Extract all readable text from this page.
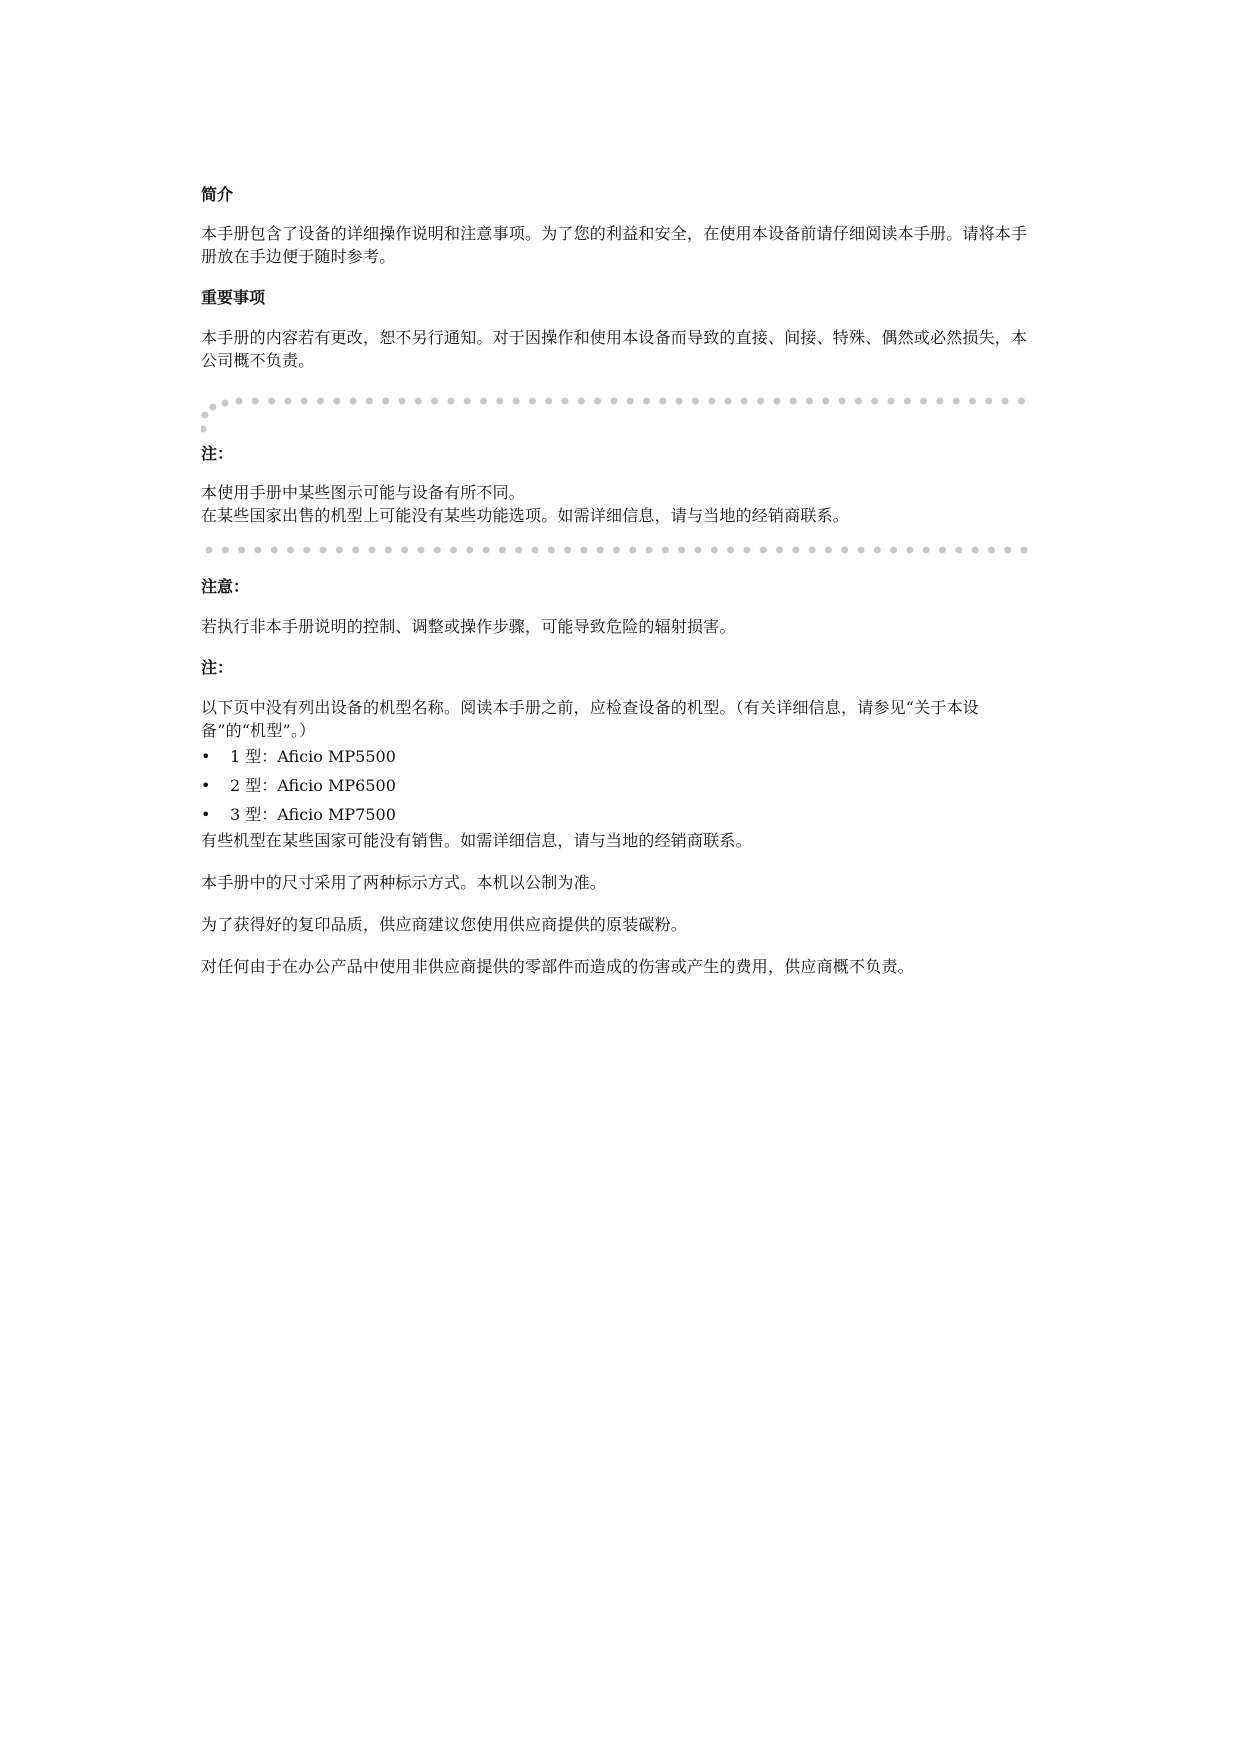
简介

本手册包含了设备的详细操作说明和注意事项。为了您的利益和安全，在使用本设备前请仔细阅读本手册。请将本手册放在手边便于随时参考。

重要事项

本手册的内容若有更改，恕不另行通知。对于因操作和使用本设备而导致的直接、间接、特殊、偶然或必然损失，本公司概不负责。

注：

本使用手册中某些图示可能与设备有所不同。

在某些国家出售的机型上可能没有某些功能选项。如需详细信息，请与当地的经销商联系。

注意：

若执行非本手册说明的控制、调整或操作步骤，可能导致危险的辐射损害。

注：

以下页中没有列出设备的机型名称。阅读本手册之前，应检查设备的机型。（有关详细信息，请参见“关于本设备”的“机型”。）

•	1 型：Aficio MP5500
•	2 型：Aficio MP6500
•	3 型：Aficio MP7500

有些机型在某些国家可能没有销售。如需详细信息，请与当地的经销商联系。

本手册中的尺寸采用了两种标示方式。本机以公制为准。

为了获得好的复印品质，供应商建议您使用供应商提供的原装碳粉。

对任何由于在办公产品中使用非供应商提供的零部件而造成的伤害或产生的费用，供应商概不负责。
